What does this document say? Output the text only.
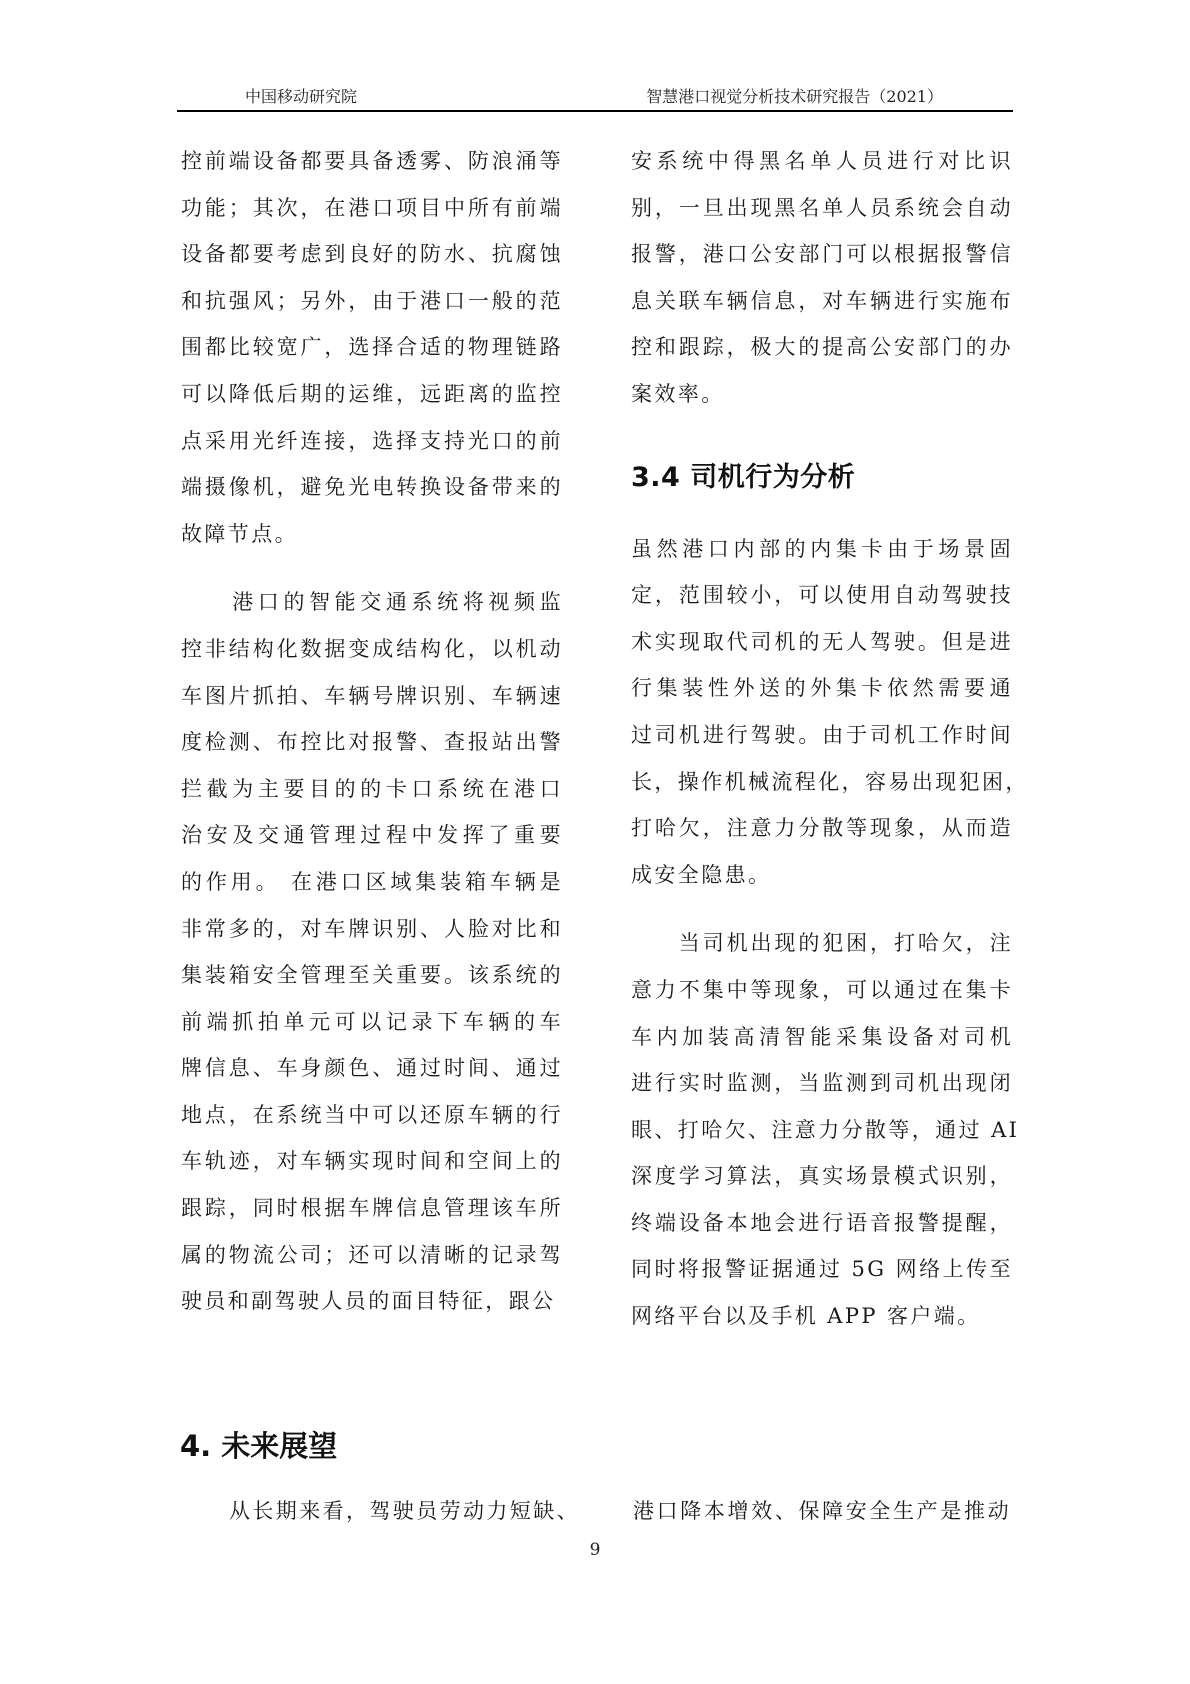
中国移动研究院	智慧港口视觉分析技术研究报告（2021）
控前端设备都要具备透雾、防浪涌等
功能；其次，在港口项目中所有前端
设备都要考虑到良好的防水、抗腐蚀
和抗强风；另外，由于港口一般的范
围都比较宽广，选择合适的物理链路
可以降低后期的运维，远距离的监控
点采用光纤连接，选择支持光口的前
端摄像机，避免光电转换设备带来的
故障节点。
　　港口的智能交通系统将视频监
控非结构化数据变成结构化，以机动
车图片抓拍、车辆号牌识别、车辆速
度检测、布控比对报警、查报站出警
拦截为主要目的的卡口系统在港口
治安及交通管理过程中发挥了重要
的作用。 在港口区域集装箱车辆是
非常多的，对车牌识别、人脸对比和
集装箱安全管理至关重要。该系统的
前端抓拍单元可以记录下车辆的车
牌信息、车身颜色、通过时间、通过
地点，在系统当中可以还原车辆的行
车轨迹，对车辆实现时间和空间上的
跟踪，同时根据车牌信息管理该车所
属的物流公司；还可以清晰的记录驾
驶员和副驾驶人员的面目特征，跟公
安系统中得黑名单人员进行对比识
别，一旦出现黑名单人员系统会自动
报警，港口公安部门可以根据报警信
息关联车辆信息，对车辆进行实施布
控和跟踪，极大的提高公安部门的办
案效率。
3.4 司机行为分析
虽然港口内部的内集卡由于场景固
定，范围较小，可以使用自动驾驶技
术实现取代司机的无人驾驶。但是进
行集装性外送的外集卡依然需要通
过司机进行驾驶。由于司机工作时间
长，操作机械流程化，容易出现犯困，
打哈欠，注意力分散等现象，从而造
成安全隐患。
　　当司机出现的犯困，打哈欠，注
意力不集中等现象，可以通过在集卡
车内加装高清智能采集设备对司机
进行实时监测，当监测到司机出现闭
眼、打哈欠、注意力分散等，通过 AI
深度学习算法，真实场景模式识别，
终端设备本地会进行语音报警提醒，
同时将报警证据通过 5G 网络上传至
网络平台以及手机 APP 客户端。
4. 未来展望
从长期来看，驾驶员劳动力短缺、	港口降本增效、保障安全生产是推动
9
